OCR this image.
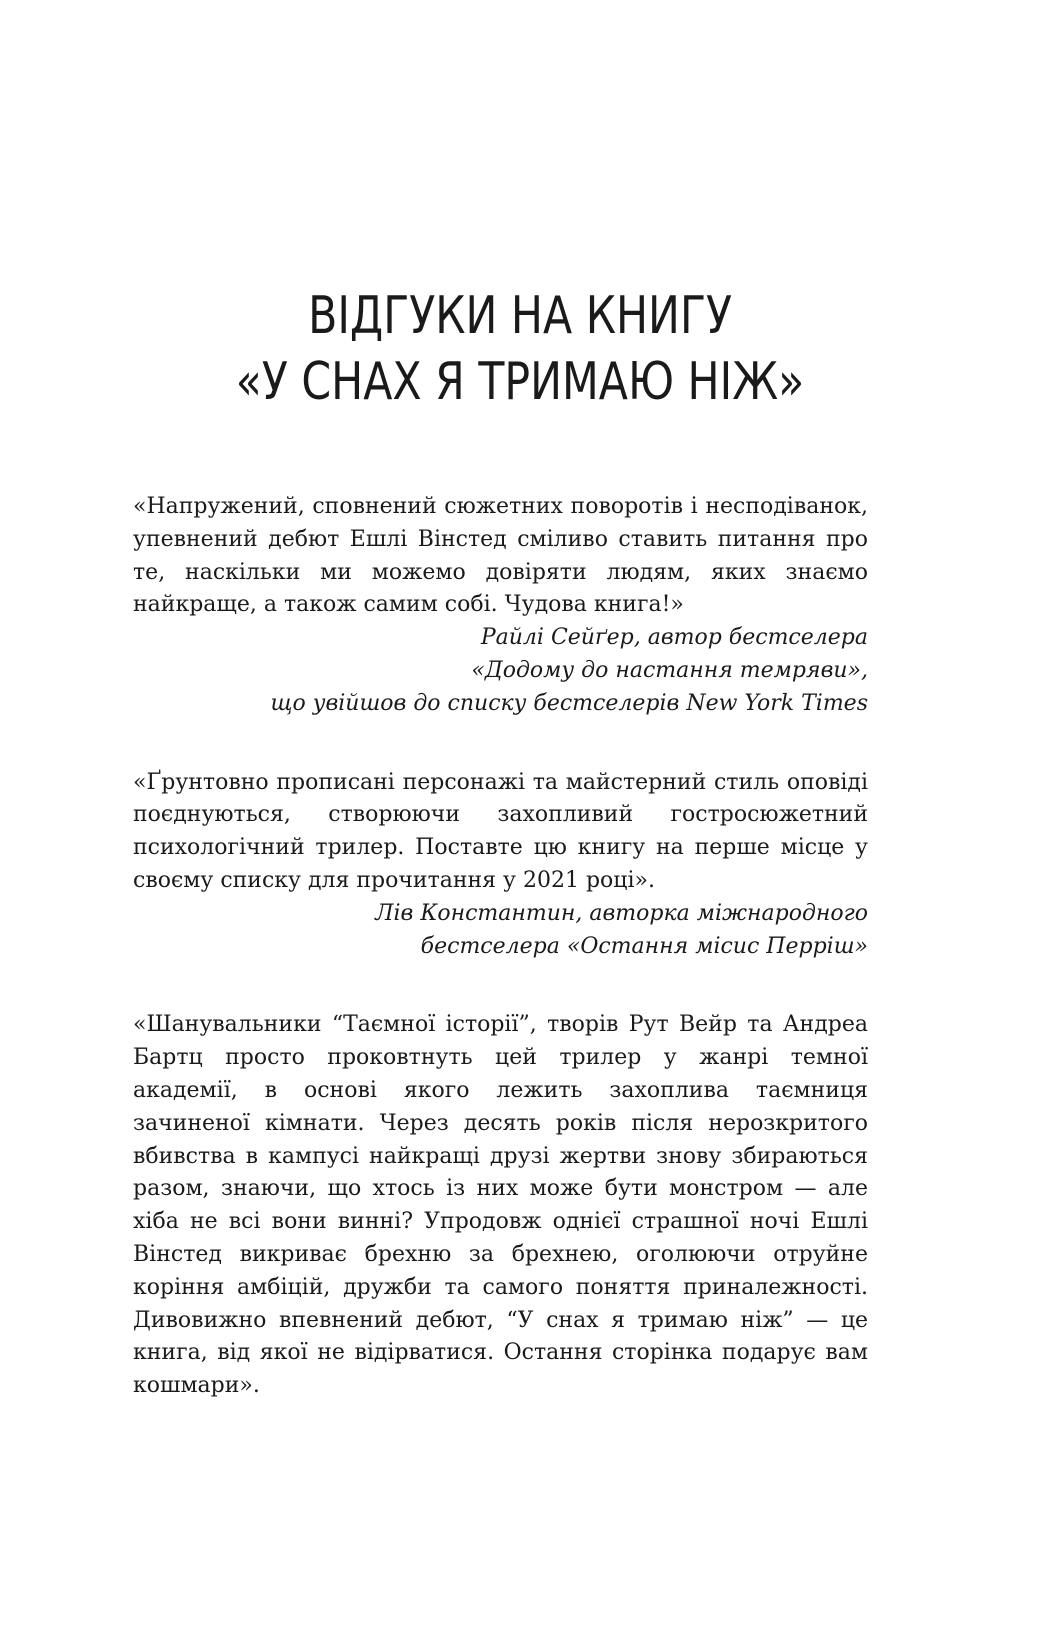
ВІДГУКИ НА КНИГУ
«У СНАХ Я ТРИМАЮ НІЖ»

«Напружений, сповнений сюжетних поворотів і несподіванок, упевнений дебют Ешлі Вінстед сміливо ставить питання про те, наскільки ми можемо довіряти людям, яких знаємо найкраще, а також самим собі. Чудова книга!»

Райлі Сейґер, автор бестселера
«Додому до настання темряви»,
що увійшов до списку бестселерів New York Times

«Ґрунтовно прописані персонажі та майстерний стиль оповіді поєднуються, створюючи захопливий гостросюжетний психологічний трилер. Поставте цю книгу на перше місце у своєму списку для прочитання у 2021 році».

Лів Константин, авторка міжнародного
бестселера «Остання місис Перріш»

«Шанувальники “Таємної історії”, творів Рут Вейр та Андреа Бартц просто проковтнуть цей трилер у жанрі темної академії, в основі якого лежить захоплива таємниця зачиненої кімнати. Через десять років після нерозкритого вбивства в кампусі найкращі друзі жертви знову збираються разом, знаючи, що хтось із них може бути монстром — але хіба не всі вони винні? Упродовж однієї страшної ночі Ешлі Вінстед викриває брехню за брехнею, оголюючи отруйне коріння амбіцій, дружби та самого поняття приналежності. Дивовижно впевнений дебют, “У снах я тримаю ніж” — це книга, від якої не відірватися. Остання сторінка подарує вам кошмари».
